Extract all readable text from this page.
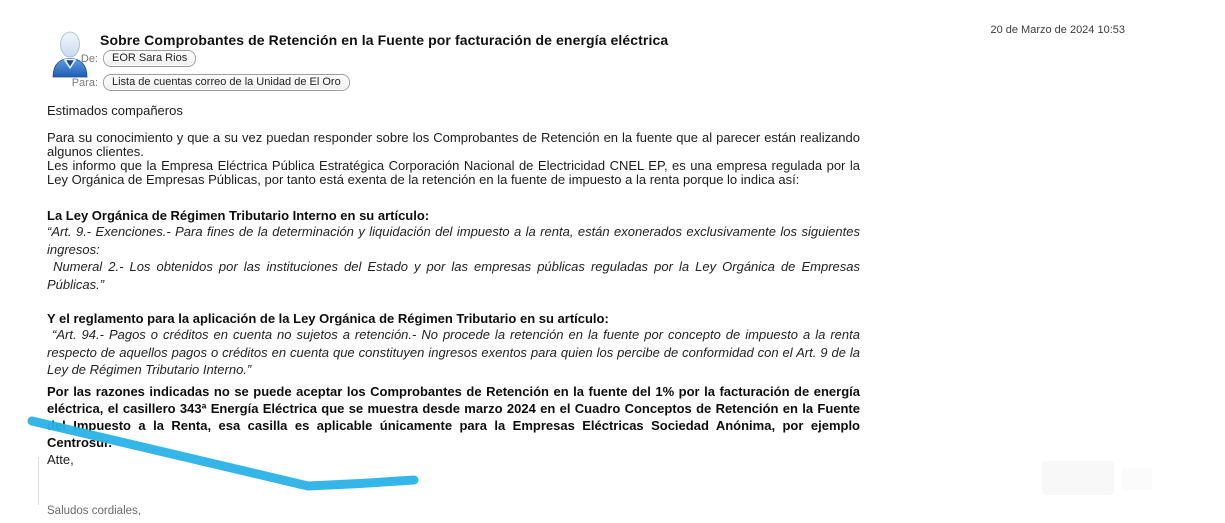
Sobre Comprobantes de Retención en la Fuente por facturación de energía eléctrica
20 de Marzo de 2024 10:53
De:	EOR Sara Rios
Para:	Lista de cuentas correo de la Unidad de El Oro

Estimados compañeros

Para su conocimiento y que a su vez puedan responder sobre los Comprobantes de Retención en la fuente que al parecer están realizando algunos clientes.
Les informo que la Empresa Eléctrica Pública Estratégica Corporación Nacional de Electricidad CNEL EP, es una empresa regulada por la Ley Orgánica de Empresas Públicas, por tanto está exenta de la retención en la fuente de impuesto a la renta porque lo indica así:

La Ley Orgánica de Régimen Tributario Interno en su artículo:

“Art. 9.- Exenciones.- Para fines de la determinación y liquidación del impuesto a la renta, están exonerados exclusivamente los siguientes ingresos:
Numeral 2.- Los obtenidos por las instituciones del Estado y por las empresas públicas reguladas por la Ley Orgánica de Empresas Públicas.”

Y el reglamento para la aplicación de la Ley Orgánica de Régimen Tributario en su artículo:

“Art. 94.- Pagos o créditos en cuenta no sujetos a retención.- No procede la retención en la fuente por concepto de impuesto a la renta respecto de aquellos pagos o créditos en cuenta que constituyen ingresos exentos para quien los percibe de conformidad con el Art. 9 de la Ley de Régimen Tributario Interno.”

Por las razones indicadas no se puede aceptar los Comprobantes de Retención en la fuente del 1% por la facturación de energía eléctrica, el casillero 343ª Energía Eléctrica que se muestra desde marzo 2024 en el Cuadro Conceptos de Retención en la Fuente del Impuesto a la Renta, esa casilla es aplicable únicamente para la Empresas Eléctricas Sociedad Anónima, por ejemplo Centrosur.

Atte,

Saludos cordiales,
